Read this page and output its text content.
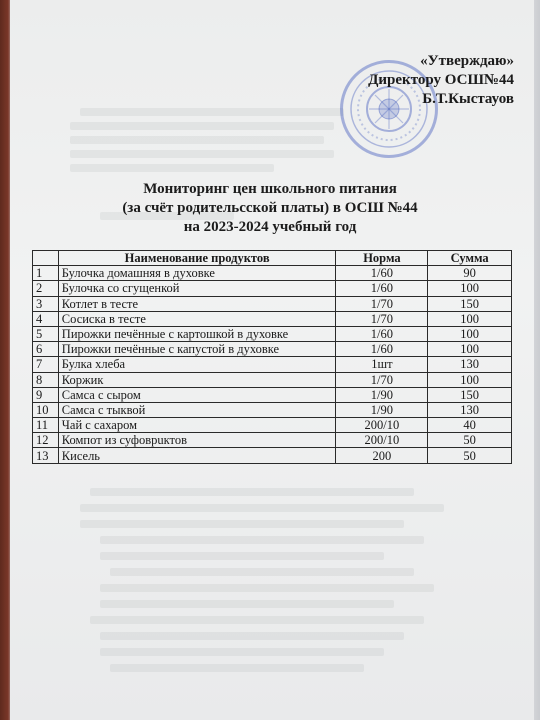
«Утверждаю»
Директору ОСШ№44
Б.Т.Кыстауов
Мониторинг цен школьного питания
(за счёт родительсской платы) в ОСШ №44
на 2023-2024 учебный год
	Наименование продуктов	Норма	Сумма
1	Булочка домашняя в духовке	1/60	90
2	Булочка со сгущенкой	1/60	100
3	Котлет в тесте	1/70	150
4	Сосиска в тесте	1/70	100
5	Пирожки печённые с картошкой в духовке	1/60	100
6	Пирожки печённые с капустой в духовке	1/60	100
7	Булка хлеба	1шт	130
8	Коржик	1/70	100
9	Самса с сыром	1/90	150
10	Самса с тыквой	1/90	130
11	Чай с сахаром	200/10	40
12	Компот из суфоврuктов	200/10	50
13	Кисель	200	50
